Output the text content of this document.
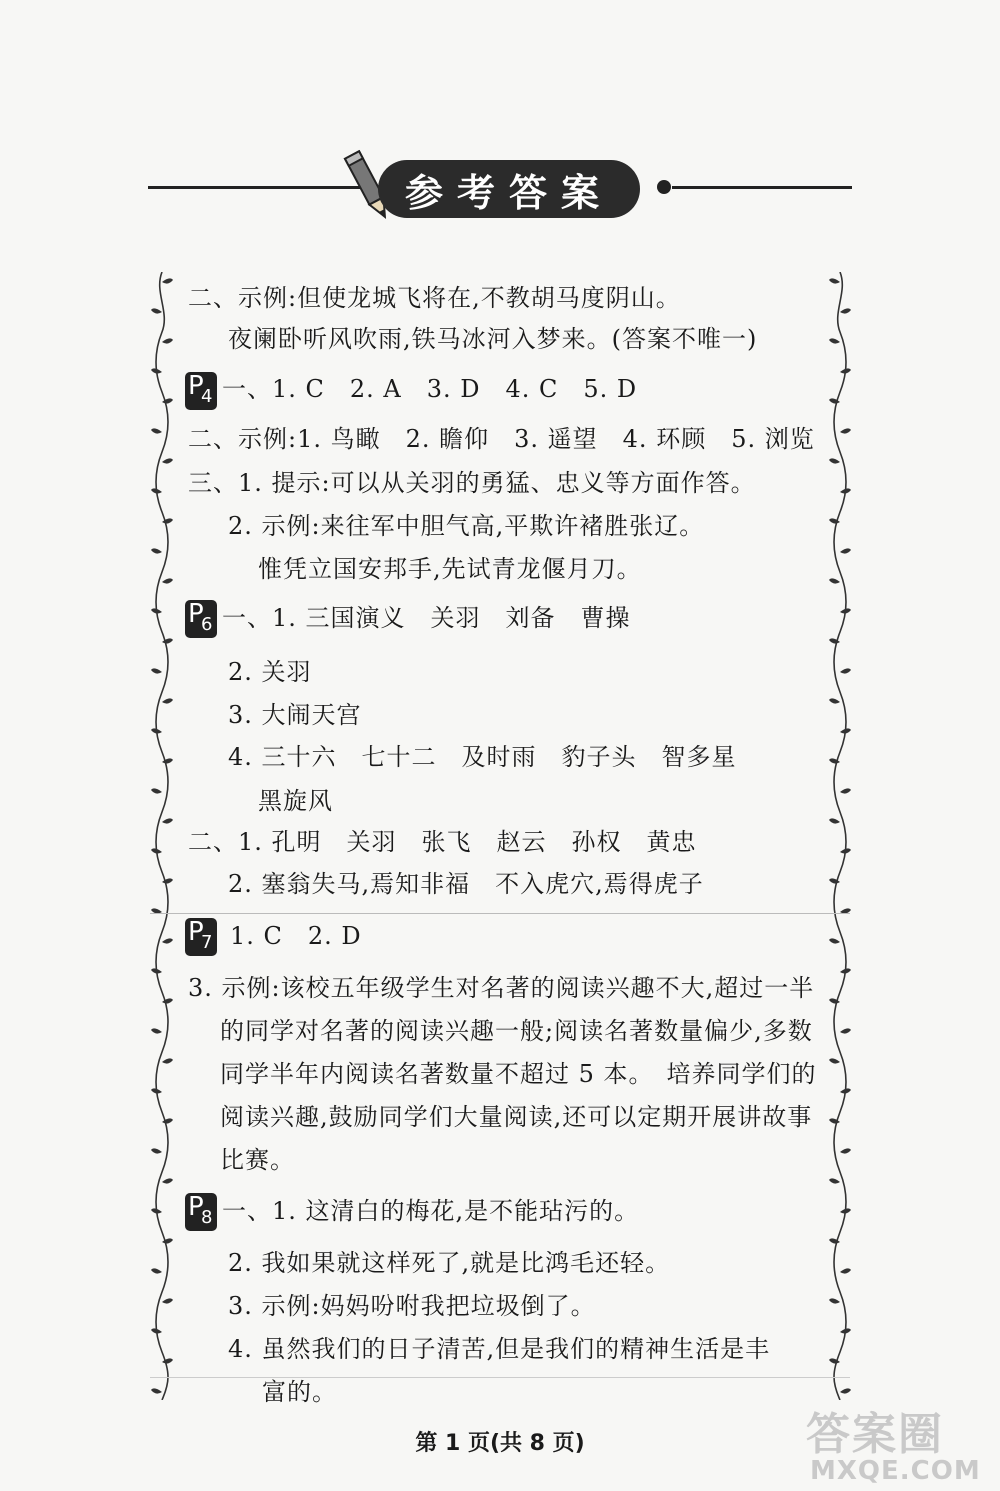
参考答案
二、示例:但使龙城飞将在,不教胡马度阴山。
夜阑卧听风吹雨,铁马冰河入梦来。(答案不唯一)
P
4 一、1. C　2. A　3. D　4. C　5. D
二、示例:1. 鸟瞰　2. 瞻仰　3. 遥望　4. 环顾　5. 浏览
三、1. 提示:可以从关羽的勇猛、忠义等方面作答。
2. 示例:来往军中胆气高,平欺许褚胜张辽。
惟凭立国安邦手,先试青龙偃月刀。
P
6 一、1. 三国演义　关羽　刘备　曹操
2. 关羽
3. 大闹天宫
4. 三十六　七十二　及时雨　豹子头　智多星
黑旋风
二、1. 孔明　关羽　张飞　赵云　孙权　黄忠
2. 塞翁失马,焉知非福　不入虎穴,焉得虎子
P
7 1. C　2. D
3. 示例:该校五年级学生对名著的阅读兴趣不大,超过一半
的同学对名著的阅读兴趣一般;阅读名著数量偏少,多数
同学半年内阅读名著数量不超过 5 本。　培养同学们的
阅读兴趣,鼓励同学们大量阅读,还可以定期开展讲故事
比赛。
P
8 一、1. 这清白的梅花,是不能玷污的。
2. 我如果就这样死了,就是比鸿毛还轻。
3. 示例:妈妈吩咐我把垃圾倒了。
4. 虽然我们的日子清苦,但是我们的精神生活是丰
富的。
第 1 页(共 8 页)	答案圈
MXQE.COM
